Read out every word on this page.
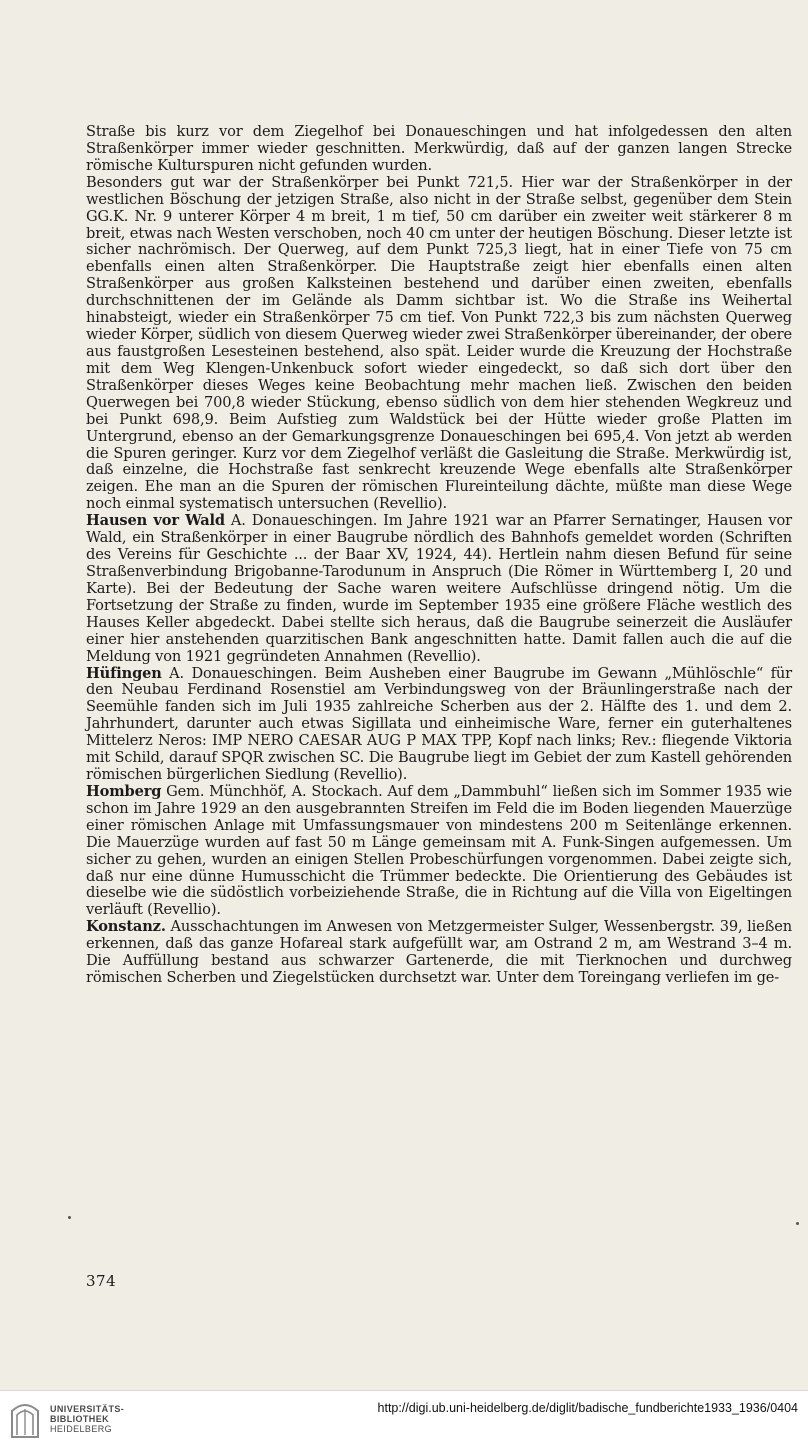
Straße bis kurz vor dem Ziegelhof bei Donaueschingen und hat infolgedessen den alten Straßenkörper immer wieder geschnitten. Merkwürdig, daß auf der ganzen langen Strecke römische Kulturspuren nicht gefunden wurden.

Besonders gut war der Straßenkörper bei Punkt 721,5. Hier war der Straßenkörper in der westlichen Böschung der jetzigen Straße, also nicht in der Straße selbst, gegenüber dem Stein GG.K. Nr. 9 unterer Körper 4 m breit, 1 m tief, 50 cm darüber ein zweiter weit stärkerer 8 m breit, etwas nach Westen verschoben, noch 40 cm unter der heutigen Böschung. Dieser letzte ist sicher nachrömisch. Der Querweg, auf dem Punkt 725,3 liegt, hat in einer Tiefe von 75 cm ebenfalls einen alten Straßenkörper. Die Hauptstraße zeigt hier ebenfalls einen alten Straßenkörper aus großen Kalksteinen bestehend und darüber einen zweiten, ebenfalls durchschnittenen der im Gelände als Damm sichtbar ist. Wo die Straße ins Weihertal hinabsteigt, wieder ein Straßenkörper 75 cm tief. Von Punkt 722,3 bis zum nächsten Querweg wieder Körper, südlich von diesem Querweg wieder zwei Straßenkörper übereinander, der obere aus faustgroßen Lesesteinen bestehend, also spät. Leider wurde die Kreuzung der Hochstraße mit dem Weg Klengen-Unkenbuck sofort wieder eingedeckt, so daß sich dort über den Straßenkörper dieses Weges keine Beobachtung mehr machen ließ. Zwischen den beiden Querwegen bei 700,8 wieder Stückung, ebenso südlich von dem hier stehenden Wegkreuz und bei Punkt 698,9. Beim Aufstieg zum Waldstück bei der Hütte wieder große Platten im Untergrund, ebenso an der Gemarkungsgrenze Donaueschingen bei 695,4. Von jetzt ab werden die Spuren geringer. Kurz vor dem Ziegelhof verläßt die Gasleitung die Straße. Merkwürdig ist, daß einzelne, die Hochstraße fast senkrecht kreuzende Wege ebenfalls alte Straßenkörper zeigen. Ehe man an die Spuren der römischen Flureinteilung dächte, müßte man diese Wege noch einmal systematisch untersuchen (Revellio).

Hausen vor Wald A. Donaueschingen. Im Jahre 1921 war an Pfarrer Sernatinger, Hausen vor Wald, ein Straßenkörper in einer Baugrube nördlich des Bahnhofs gemeldet worden (Schriften des Vereins für Geschichte ... der Baar XV, 1924, 44). Hertlein nahm diesen Befund für seine Straßenverbindung Brigobanne-Tarodunum in Anspruch (Die Römer in Württemberg I, 20 und Karte). Bei der Bedeutung der Sache waren weitere Aufschlüsse dringend nötig. Um die Fortsetzung der Straße zu finden, wurde im September 1935 eine größere Fläche westlich des Hauses Keller abgedeckt. Dabei stellte sich heraus, daß die Baugrube seinerzeit die Ausläufer einer hier anstehenden quarzitischen Bank angeschnitten hatte. Damit fallen auch die auf die Meldung von 1921 gegründeten Annahmen (Revellio).

Hüfingen A. Donaueschingen. Beim Ausheben einer Baugrube im Gewann „Mühlöschle“ für den Neubau Ferdinand Rosenstiel am Verbindungsweg von der Bräunlingerstraße nach der Seemühle fanden sich im Juli 1935 zahlreiche Scherben aus der 2. Hälfte des 1. und dem 2. Jahrhundert, darunter auch etwas Sigillata und einheimische Ware, ferner ein guterhaltenes Mittelerz Neros: IMP NERO CAESAR AUG P MAX TPP, Kopf nach links; Rev.: fliegende Viktoria mit Schild, darauf SPQR zwischen SC. Die Baugrube liegt im Gebiet der zum Kastell gehörenden römischen bürgerlichen Siedlung (Revellio).

Homberg Gem. Münchhöf, A. Stockach. Auf dem „Dammbuhl“ ließen sich im Sommer 1935 wie schon im Jahre 1929 an den ausgebrannten Streifen im Feld die im Boden liegenden Mauerzüge einer römischen Anlage mit Umfassungsmauer von mindestens 200 m Seitenlänge erkennen. Die Mauerzüge wurden auf fast 50 m Länge gemeinsam mit A. Funk-Singen aufgemessen. Um sicher zu gehen, wurden an einigen Stellen Probeschürfungen vorgenommen. Dabei zeigte sich, daß nur eine dünne Humusschicht die Trümmer bedeckte. Die Orientierung des Gebäudes ist dieselbe wie die südöstlich vorbeiziehende Straße, die in Richtung auf die Villa von Eigeltingen verläuft (Revellio).

Konstanz. Ausschachtungen im Anwesen von Metzgermeister Sulger, Wessenbergstr. 39, ließen erkennen, daß das ganze Hofareal stark aufgefüllt war, am Ostrand 2 m, am Westrand 3–4 m. Die Auffüllung bestand aus schwarzer Gartenerde, die mit Tierknochen und durchweg römischen Scherben und Ziegelstücken durchsetzt war. Unter dem Toreingang verliefen im ge-

374
UNIVERSITÄTS-
BIBLIOTHEK
HEIDELBERG
http://digi.ub.uni-heidelberg.de/diglit/badische_fundberichte1933_1936/0404
